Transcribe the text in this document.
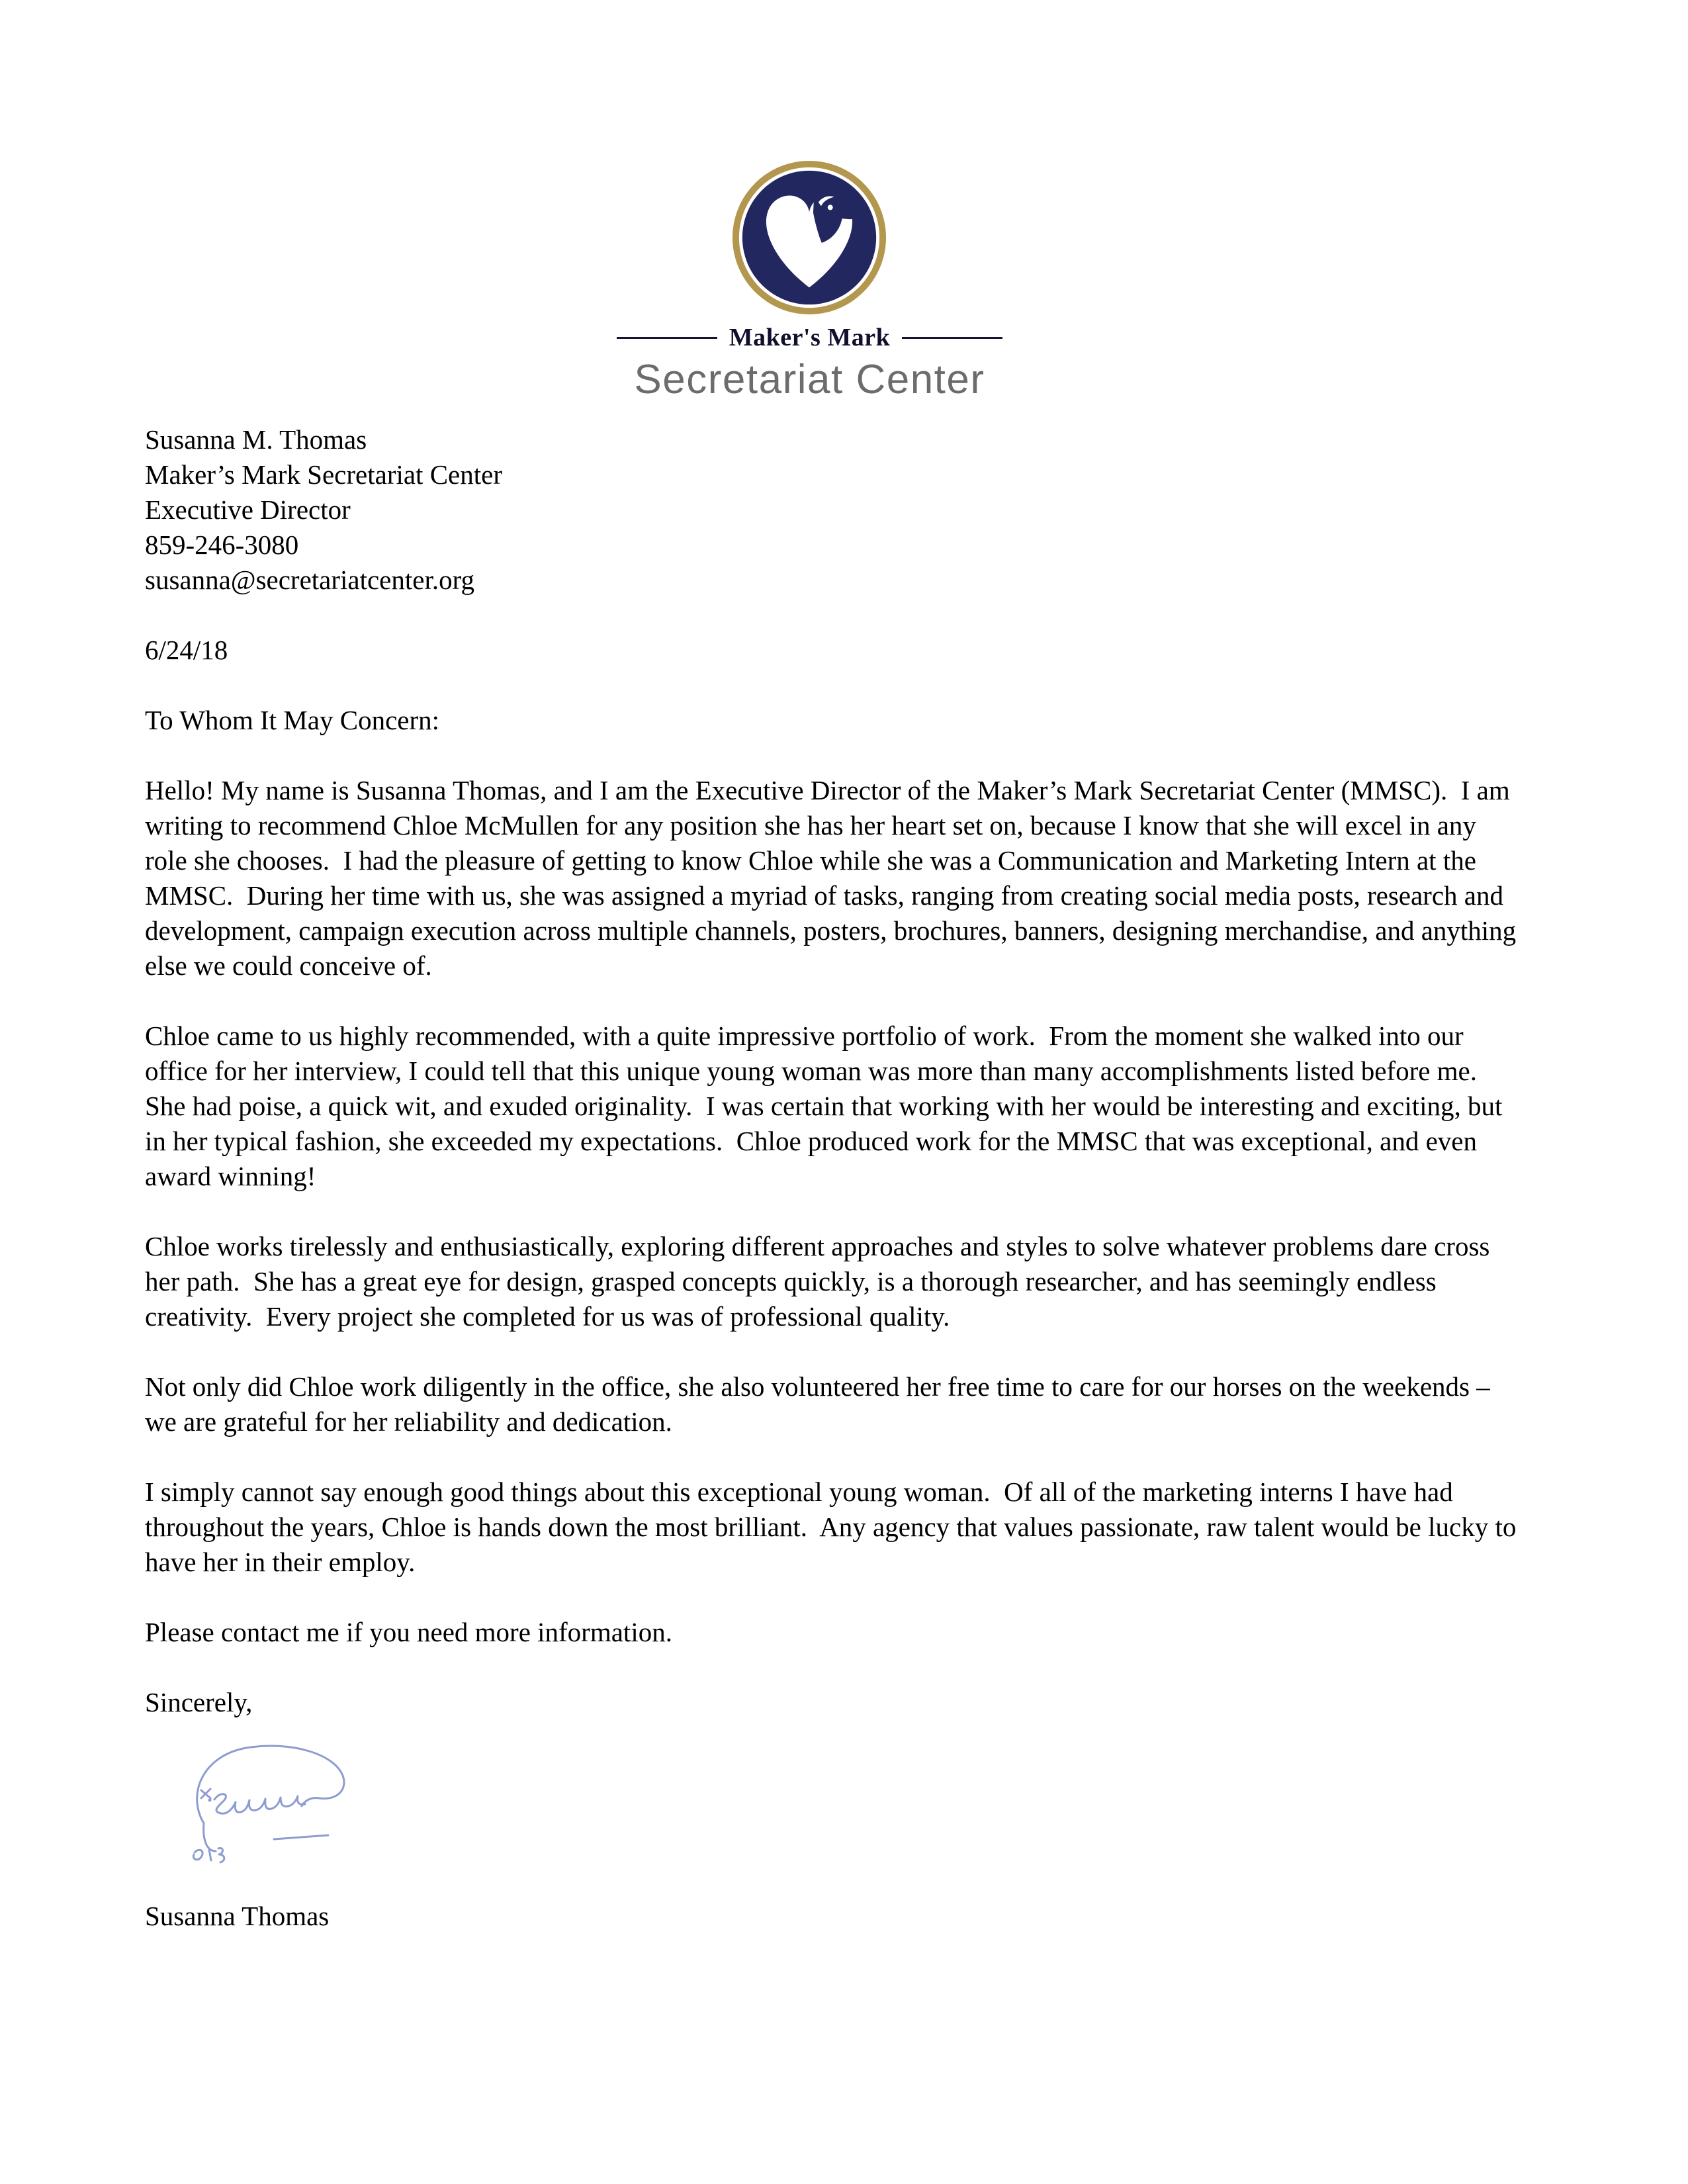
Maker's Mark
Secretariat Center
Susanna M. Thomas
Maker’s Mark Secretariat Center
Executive Director
859-246-3080
susanna@secretariatcenter.org
6/24/18
To Whom It May Concern:

Hello! My name is Susanna Thomas, and I am the Executive Director of the Maker’s Mark Secretariat Center (MMSC).  I am writing to recommend Chloe McMullen for any position she has her heart set on, because I know that she will excel in any role she chooses.  I had the pleasure of getting to know Chloe while she was a Communication and Marketing Intern at the MMSC.  During her time with us, she was assigned a myriad of tasks, ranging from creating social media posts, research and development, campaign execution across multiple channels, posters, brochures, banners, designing merchandise, and anything else we could conceive of.

Chloe came to us highly recommended, with a quite impressive portfolio of work.  From the moment she walked into our office for her interview, I could tell that this unique young woman was more than many accomplishments listed before me.  She had poise, a quick wit, and exuded originality.  I was certain that working with her would be interesting and exciting, but in her typical fashion, she exceeded my expectations.  Chloe produced work for the MMSC that was exceptional, and even award winning!

Chloe works tirelessly and enthusiastically, exploring different approaches and styles to solve whatever problems dare cross her path.  She has a great eye for design, grasped concepts quickly, is a thorough researcher, and has seemingly endless creativity.  Every project she completed for us was of professional quality.

Not only did Chloe work diligently in the office, she also volunteered her free time to care for our horses on the weekends – we are grateful for her reliability and dedication.

I simply cannot say enough good things about this exceptional young woman.  Of all of the marketing interns I have had throughout the years, Chloe is hands down the most brilliant.  Any agency that values passionate, raw talent would be lucky to have her in their employ.

Please contact me if you need more information.

Sincerely,
Susanna Thomas
